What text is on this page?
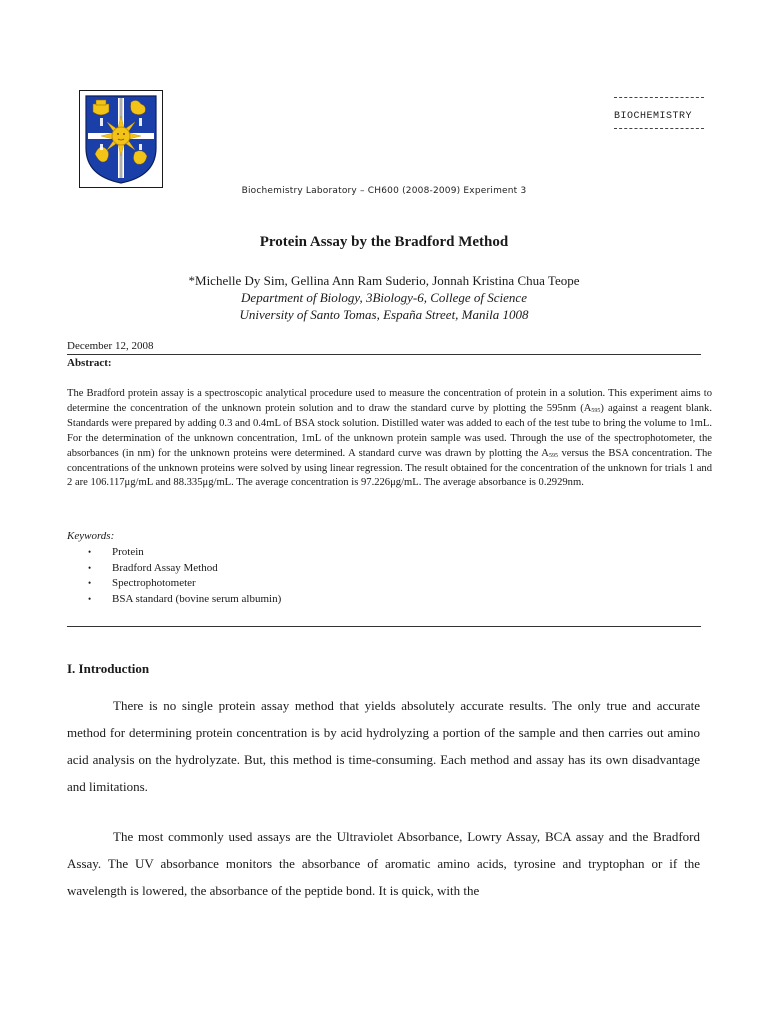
BIOCHEMISTRY
Biochemistry Laboratory – CH600 (2008-2009) Experiment 3
Protein Assay by the Bradford Method
*Michelle Dy Sim, Gellina Ann Ram Suderio, Jonnah Kristina Chua Teope
Department of Biology, 3Biology-6, College of Science
University of Santo Tomas, España Street, Manila 1008
December 12, 2008
Abstract:
The Bradford protein assay is a spectroscopic analytical procedure used to measure the concentration of protein in a solution. This experiment aims to determine the concentration of the unknown protein solution and to draw the standard curve by plotting the 595nm $(A_{595})$ against a reagent blank. Standards were prepared by adding 0.3 and 0.4mL of BSA stock solution. Distilled water was added to each of the test tube to bring the volume to 1mL. For the determination of the unknown concentration, 1mL of the unknown protein sample was used. Through the use of the spectrophotometer, the absorbances (in nm) for the unknown proteins were determined. A standard curve was drawn by plotting the $A_{595}$ versus the BSA concentration. The concentrations of the unknown proteins were solved by using linear regression. The result obtained for the concentration of the unknown for trials 1 and 2 are 106.117μg/mL and 88.335μg/mL. The average concentration is 97.226μg/mL. The average absorbance is 0.2929nm.
Keywords:
• Protein
• Bradford Assay Method
• Spectrophotometer
• BSA standard (bovine serum albumin)
I. Introduction
There is no single protein assay method that yields absolutely accurate results. The only true and accurate method for determining protein concentration is by acid hydrolyzing a portion of the sample and then carries out amino acid analysis on the hydrolyzate. But, this method is time-consuming. Each method and assay has its own disadvantage and limitations.
The most commonly used assays are the Ultraviolet Absorbance, Lowry Assay, BCA assay and the Bradford Assay. The UV absorbance monitors the absorbance of aromatic amino acids, tyrosine and tryptophan or if the wavelength is lowered, the absorbance of the peptide bond. It is quick, with the
